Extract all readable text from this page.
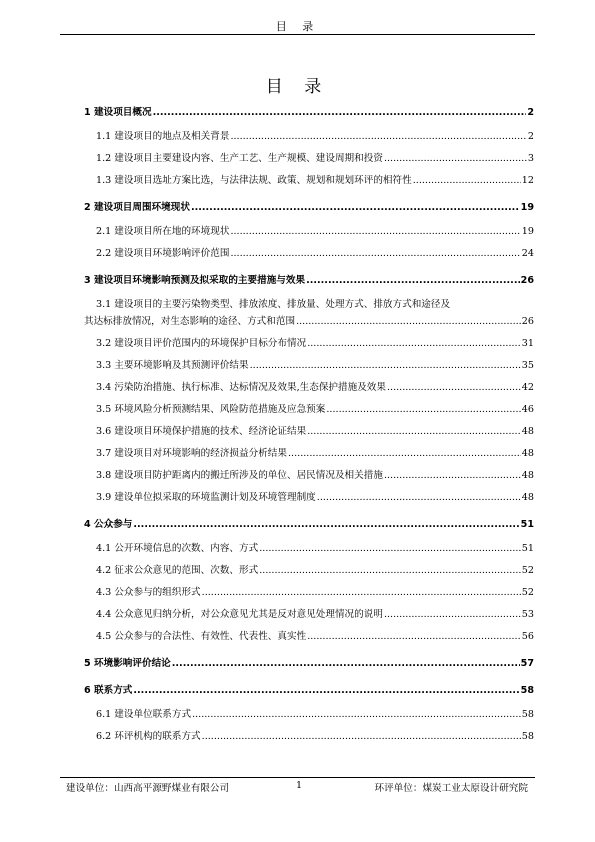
目 录
目 录
1 建设项目概况 .....	2
1.1 建设项目的地点及相关背景 .....	2
1.2 建设项目主要建设内容、生产工艺、生产规模、建设周期和投资 .....	3
1.3 建设项目选址方案比选，与法律法规、政策、规划和规划环评的相符性 .....	12
2 建设项目周围环境现状 .....	19
2.1 建设项目所在地的环境现状 .....	19
2.2 建设项目环境影响评价范围 .....	24
3 建设项目环境影响预测及拟采取的主要措施与效果 .....	26
3.1 建设项目的主要污染物类型、排放浓度、排放量、处理方式、排放方式和途径及
其达标排放情况，对生态影响的途径、方式和范围 .....	26
3.2 建设项目评价范围内的环境保护目标分布情况 .....	31
3.3 主要环境影响及其预测评价结果 .....	35
3.4 污染防治措施、执行标准、达标情况及效果,生态保护措施及效果 .....	42
3.5 环境风险分析预测结果、风险防范措施及应急预案 .....	46
3.6 建设项目环境保护措施的技术、经济论证结果 .....	48
3.7 建设项目对环境影响的经济损益分析结果 .....	48
3.8 建设项目防护距离内的搬迁所涉及的单位、居民情况及相关措施 .....	48
3.9 建设单位拟采取的环境监测计划及环境管理制度 .....	48
4 公众参与 .....	51
4.1 公开环境信息的次数、内容、方式 .....	51
4.2 征求公众意见的范围、次数、形式 .....	52
4.3 公众参与的组织形式 .....	52
4.4 公众意见归纳分析，对公众意见尤其是反对意见处理情况的说明 .....	53
4.5 公众参与的合法性、有效性、代表性、真实性 .....	56
5 环境影响评价结论 .....	57
6 联系方式 .....	58
6.1 建设单位联系方式 .....	58
6.2 环评机构的联系方式 .....	58
建设单位：山西高平源野煤业有限公司	1	环评单位：煤炭工业太原设计研究院
